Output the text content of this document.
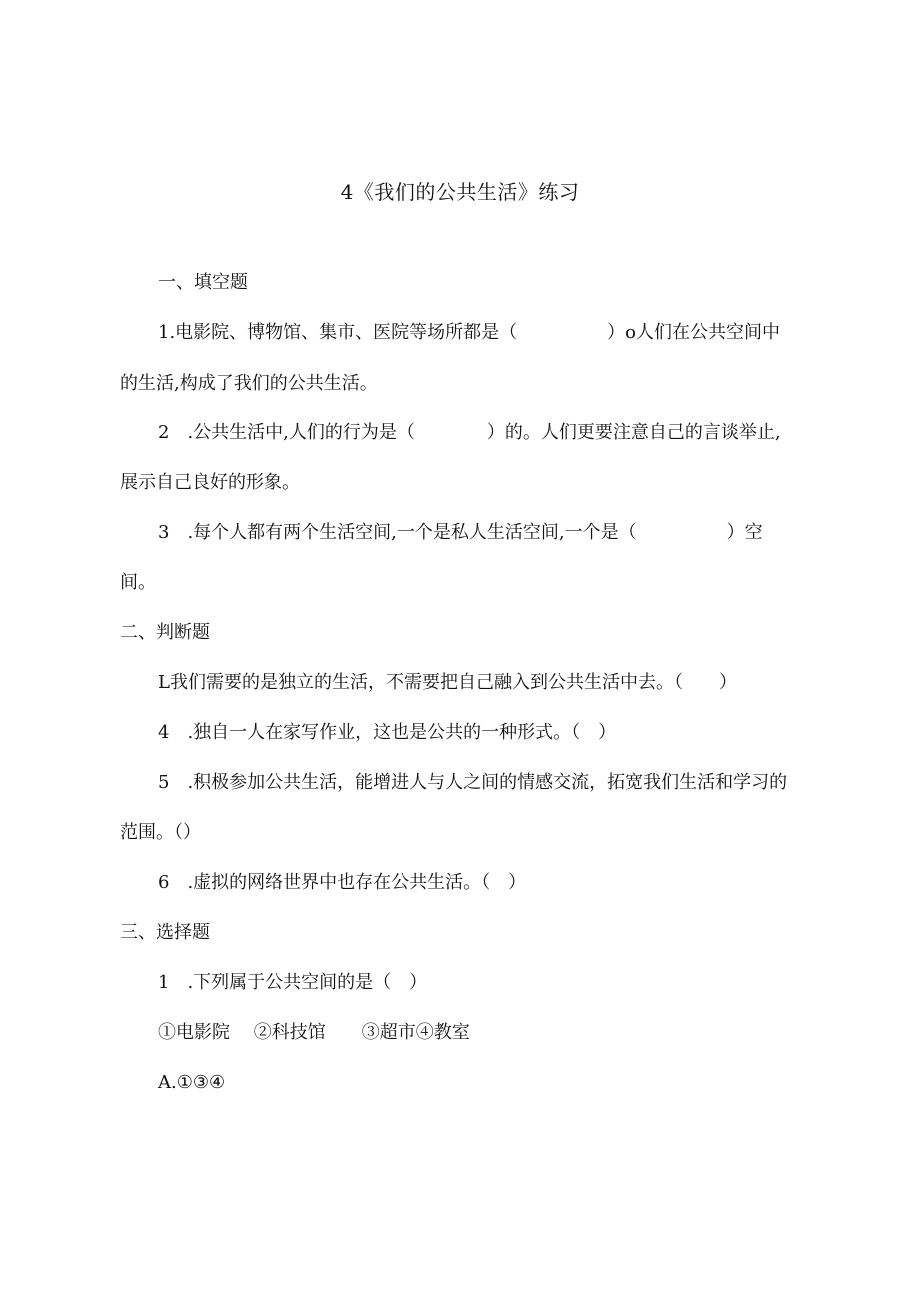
4《我们的公共生活》练习
一、填空题
1.电影院、博物馆、集市、医院等场所都是（　　　　　）o人们在公共空间中
的生活,构成了我们的公共生活。
2　.公共生活中,人们的行为是（　　　　）的。人们更要注意自己的言谈举止,
展示自己良好的形象。
3　.每个人都有两个生活空间,一个是私人生活空间,一个是（　　　　　）空
间。
二、判断题
L我们需要的是独立的生活，不需要把自己融入到公共生活中去。（　　）
4　.独自一人在家写作业，这也是公共的一种形式。（　）
5　.积极参加公共生活，能增进人与人之间的情感交流，拓宽我们生活和学习的
范围。（）
6　.虚拟的网络世界中也存在公共生活。（　）
三、选择题
1　.下列属于公共空间的是（　）
①电影院　 ②科技馆　　③超市④教室
A.①③④
